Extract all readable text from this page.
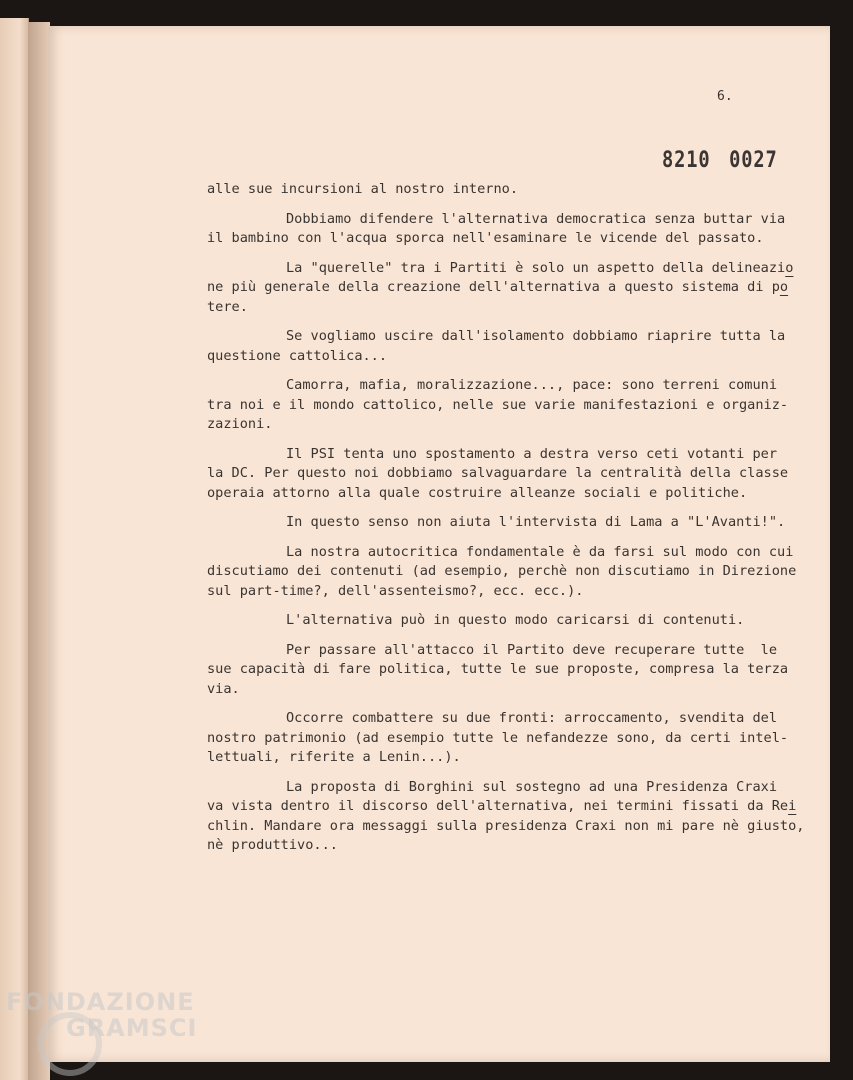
6.
8210 0027
alle sue incursioni al nostro interno.
Dobbiamo difendere l'alternativa democratica senza buttar via
il bambino con l'acqua sporca nell'esaminare le vicende del passato.
La "querelle" tra i Partiti è solo un aspetto della delineazio
ne più generale della creazione dell'alternativa a questo sistema di po
tere.
Se vogliamo uscire dall'isolamento dobbiamo riaprire tutta la
questione cattolica...
Camorra, mafia, moralizzazione..., pace: sono terreni comuni
tra noi e il mondo cattolico, nelle sue varie manifestazioni e organiz-
zazioni.
Il PSI tenta uno spostamento a destra verso ceti votanti per
la DC. Per questo noi dobbiamo salvaguardare la centralità della classe
operaia attorno alla quale costruire alleanze sociali e politiche.
In questo senso non aiuta l'intervista di Lama a "L'Avanti!".
La nostra autocritica fondamentale è da farsi sul modo con cui
discutiamo dei contenuti (ad esempio, perchè non discutiamo in Direzione
sul part-time?, dell'assenteismo?, ecc. ecc.).
L'alternativa può in questo modo caricarsi di contenuti.
Per passare all'attacco il Partito deve recuperare tutte  le
sue capacità di fare politica, tutte le sue proposte, compresa la terza
via.
Occorre combattere su due fronti: arroccamento, svendita del
nostro patrimonio (ad esempio tutte le nefandezze sono, da certi intel-
lettuali, riferite a Lenin...).
La proposta di Borghini sul sostegno ad una Presidenza Craxi
va vista dentro il discorso dell'alternativa, nei termini fissati da Rei
chlin. Mandare ora messaggi sulla presidenza Craxi non mi pare nè giusto,
nè produttivo...
FONDAZIONE
GRAMSCI
